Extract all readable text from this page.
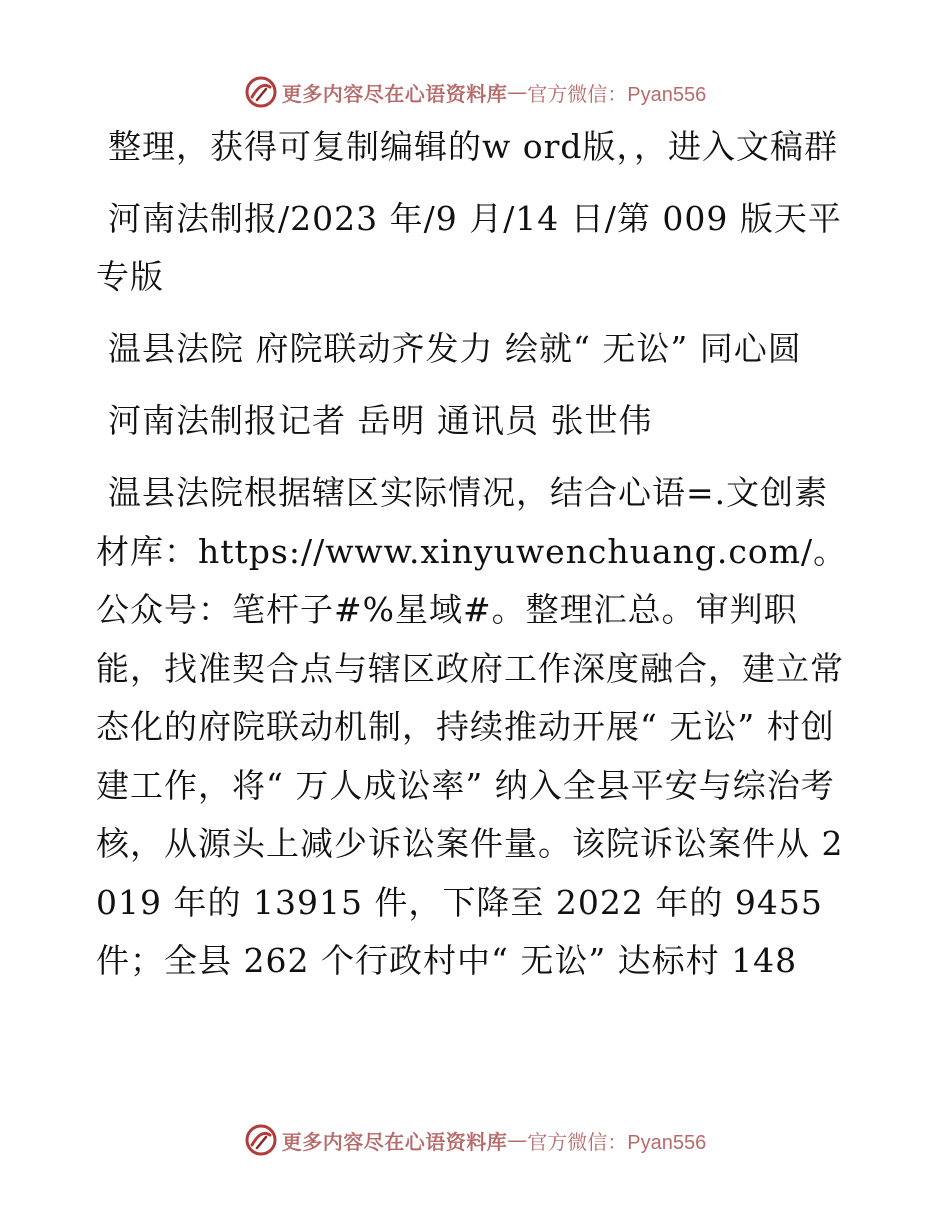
更多内容尽在心语资料库 — 官方微信：Pyan556

整理，获得可复制编辑的w ord版，，进入文稿群

河南法制报/2023 年/9 月/14 日/第 009 版天平专版

温县法院 府院联动齐发力 绘就“ 无讼” 同心圆

河南法制报记者 岳明 通讯员 张世伟

温县法院根据辖区实际情况，结合心语=.文创素材库：https://www.xinyuwenchuang.com/。公众号：笔杆子#%星域#。整理汇总。审判职能，找准契合点与辖区政府工作深度融合，建立常态化的府院联动机制，持续推动开展“ 无讼” 村创建工作，将“ 万人成讼率” 纳入全县平安与综治考核，从源头上减少诉讼案件量。该院诉讼案件从 2019 年的 13915 件，下降至 2022 年的 9455 件；全县 262 个行政村中“ 无讼” 达标村 148

更多内容尽在心语资料库 — 官方微信：Pyan556
